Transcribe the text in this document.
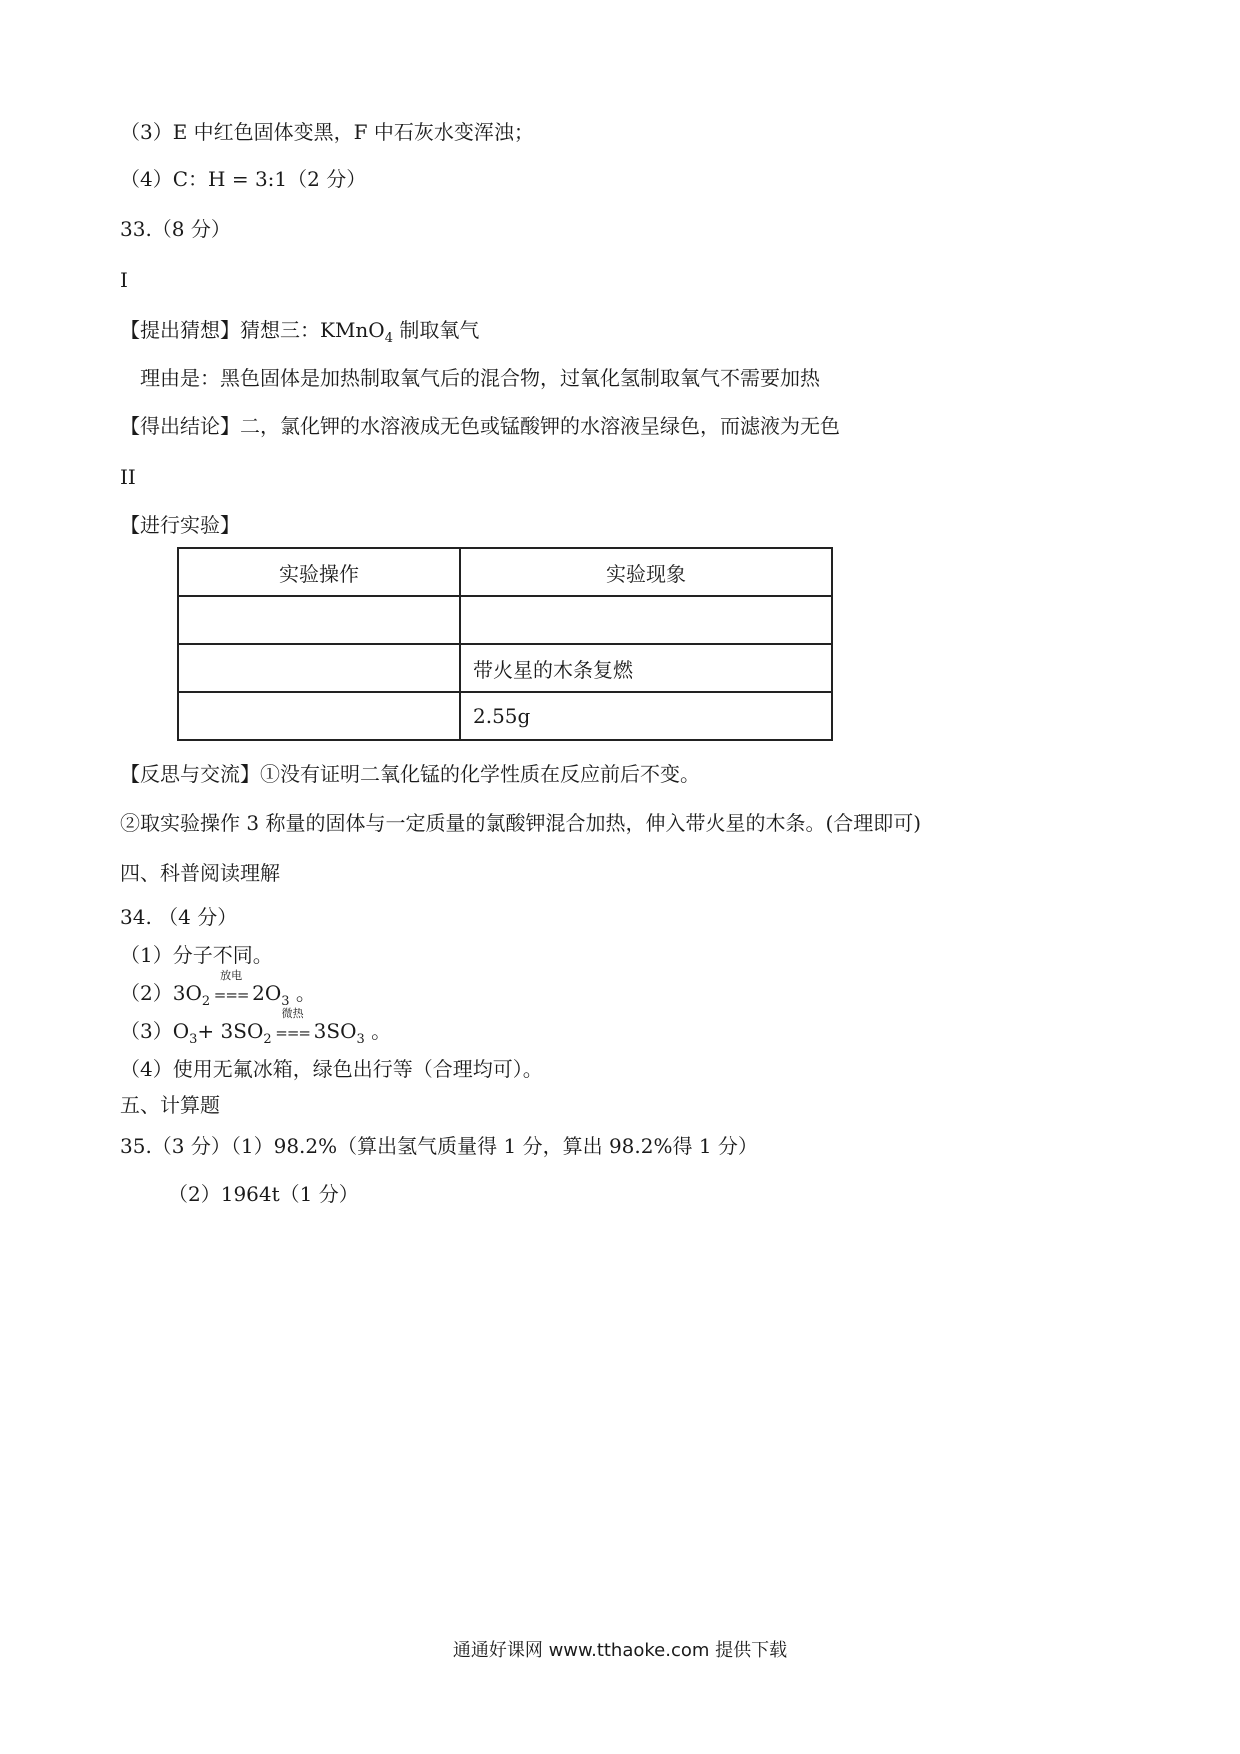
（3）E 中红色固体变黑，F 中石灰水变浑浊；
（4）C：H = 3:1（2 分）
33.（8 分）
I
【提出猜想】猜想三：KMnO$_4$ 制取氧气
理由是：黑色固体是加热制取氧气后的混合物，过氧化氢制取氧气不需要加热
【得出结论】二，氯化钾的水溶液成无色或锰酸钾的水溶液呈绿色，而滤液为无色
II
【进行实验】
实验操作	实验现象

	带火星的木条复燃
	2.55g
【反思与交流】①没有证明二氧化锰的化学性质在反应前后不变。
②取实验操作 3 称量的固体与一定质量的氯酸钾混合加热，伸入带火星的木条。(合理即可)
四、科普阅读理解
34. （4 分）
（1）分子不同。
$(2)3O_2$
放电
=== $2O_3$ 。
$(3)O_3+ 3SO_2$
微热
=== $3SO_3$ 。
（4）使用无氟冰箱，绿色出行等（合理均可）。
五、计算题
35.（3 分）（1）98.2%（算出氢气质量得 1 分，算出 98.2%得 1 分）
（2）1964t（1 分）
通通好课网 www.tthaoke.com 提供下载
